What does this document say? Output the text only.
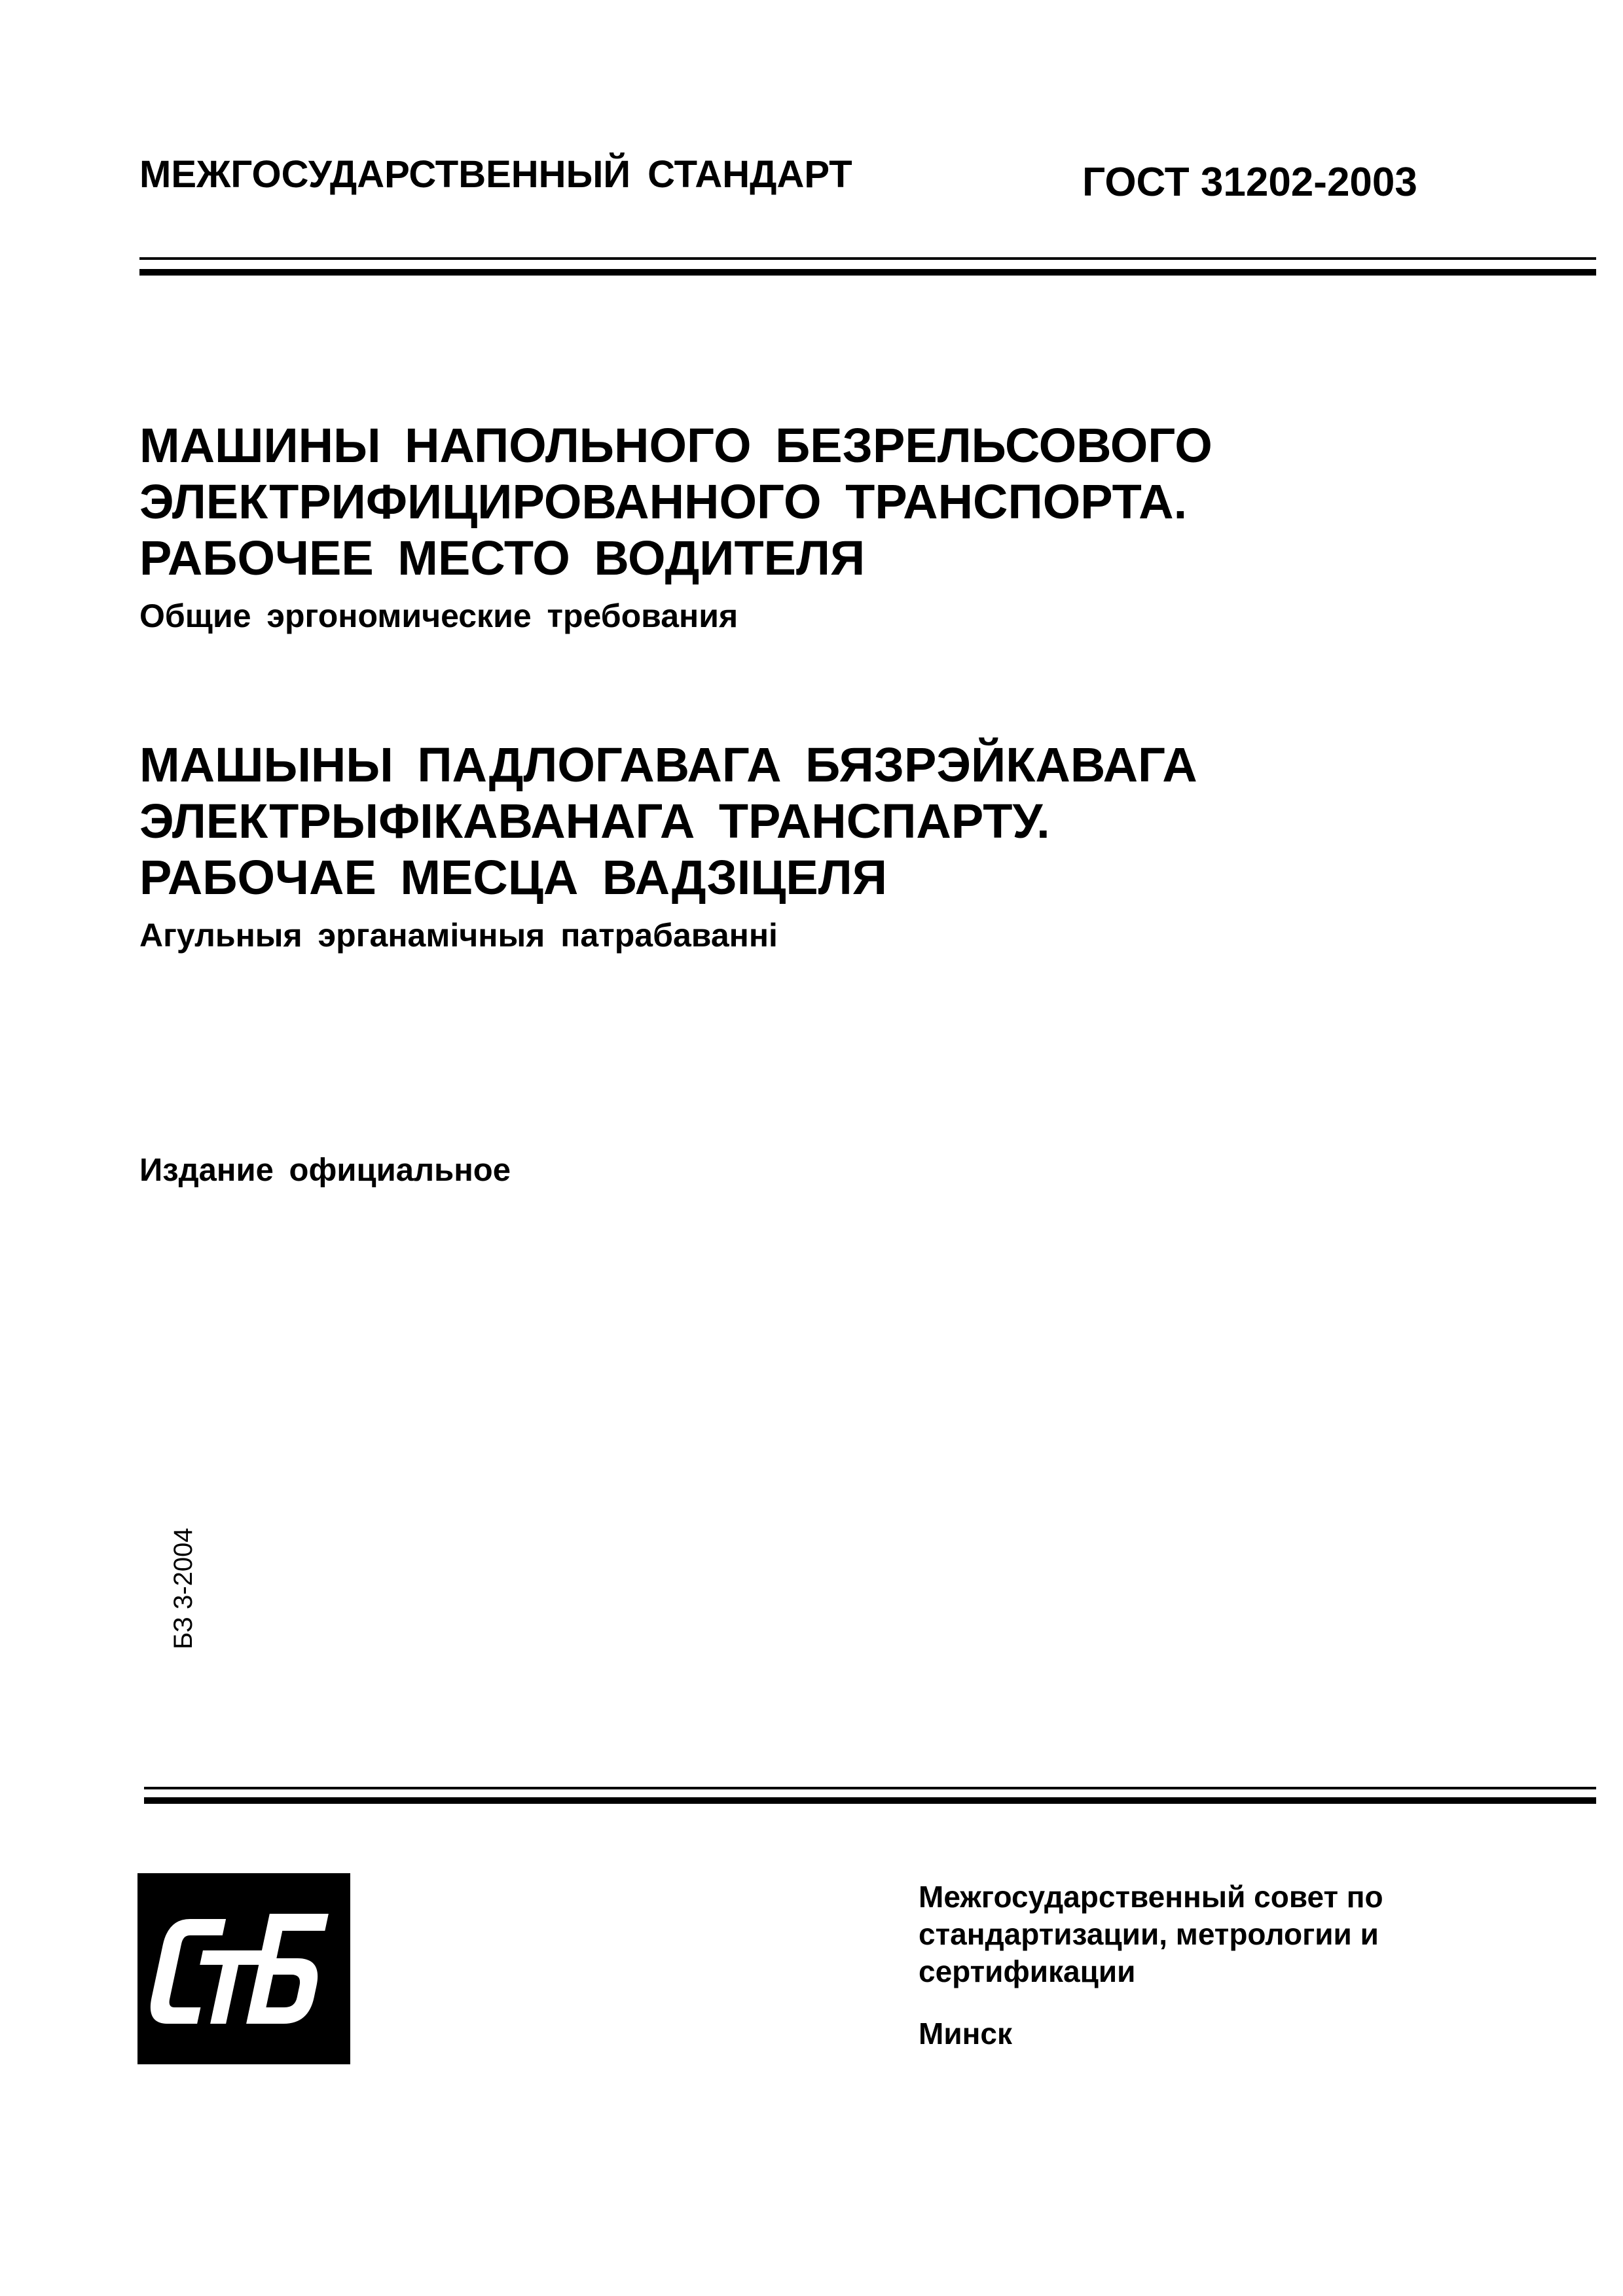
МЕЖГОСУДАРСТВЕННЫЙ СТАНДАРТ	ГОСТ 31202-2003
МАШИНЫ НАПОЛЬНОГО БЕЗРЕЛЬСОВОГО
ЭЛЕКТРИФИЦИРОВАННОГО ТРАНСПОРТА.
РАБОЧЕЕ МЕСТО ВОДИТЕЛЯ
Общие эргономические требования
МАШЫНЫ ПАДЛОГАВАГА БЯЗРЭЙКАВАГА
ЭЛЕКТРЫФІКАВАНАГА ТРАНСПАРТУ.
РАБОЧАЕ МЕСЦА ВАДЗІЦЕЛЯ
Агульныя эрганамічныя патрабаванні
Издание официальное
БЗ 3-2004
Межгосударственный совет по
стандартизации, метрологии и
сертификации
Минск
